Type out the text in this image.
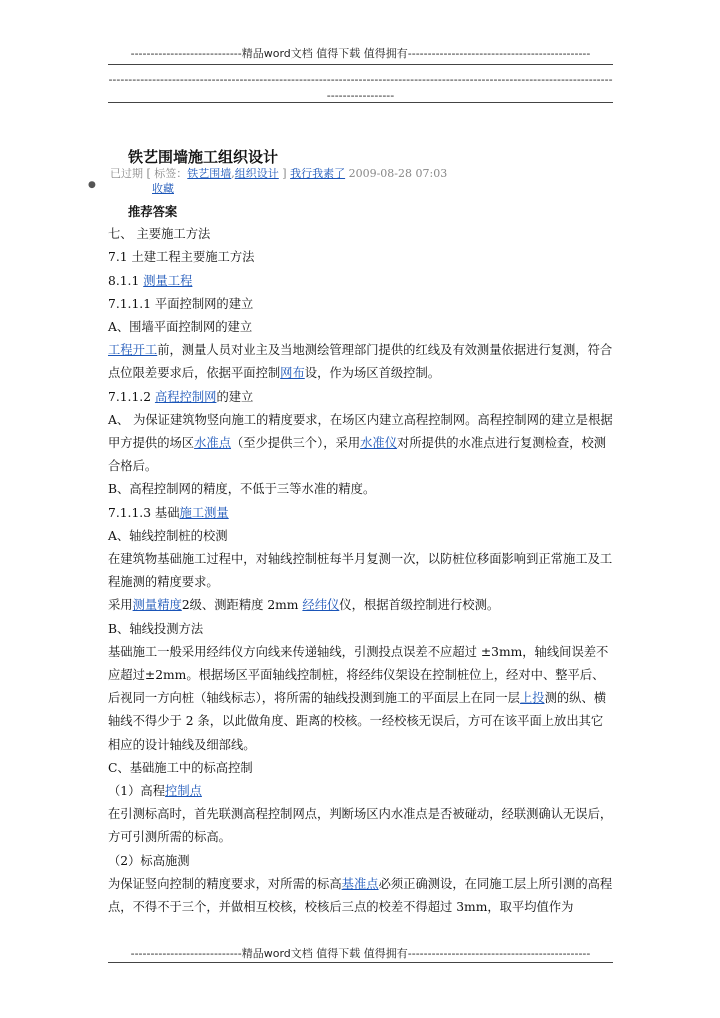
----------------------------精品word文档 值得下载 值得拥有----------------------------------------------
------------------------------------------------------------------------------------------------------------------------------------------------
铁艺围墙施工组织设计
已过期 [ 标签：铁艺围墙,组织设计 ] 我行我素了 2009-08-28 07:03
●	收藏

推荐答案

七、 主要施工方法

7.1 土建工程主要施工方法

8.1.1 测量工程

7.1.1.1 平面控制网的建立

A、围墙平面控制网的建立

工程开工前，测量人员对业主及当地测绘管理部门提供的红线及有效测量依据进行复测，符合点位限差要求后，依据平面控制网布设，作为场区首级控制。

7.1.1.2 高程控制网的建立

A、 为保证建筑物竖向施工的精度要求，在场区内建立高程控制网。高程控制网的建立是根据甲方提供的场区水准点（至少提供三个），采用水准仪对所提供的水准点进行复测检查，校测合格后。

B、高程控制网的精度，不低于三等水准的精度。

7.1.1.3 基础施工测量

A、轴线控制桩的校测

在建筑物基础施工过程中，对轴线控制桩每半月复测一次，以防桩位移面影响到正常施工及工程施测的精度要求。

采用测量精度2级、测距精度 2mm 经纬仪仪，根据首级控制进行校测。

B、轴线投测方法

基础施工一般采用经纬仪方向线来传递轴线，引测投点误差不应超过 ±3mm，轴线间误差不应超过±2mm。根据场区平面轴线控制桩，将经纬仪架设在控制桩位上，经对中、整平后、后视同一方向桩（轴线标志），将所需的轴线投测到施工的平面层上在同一层上投测的纵、横轴线不得少于 2 条，以此做角度、距离的校核。一经校核无误后，方可在该平面上放出其它相应的设计轴线及细部线。

C、基础施工中的标高控制

（1）高程控制点

在引测标高时，首先联测高程控制网点，判断场区内水准点是否被碰动，经联测确认无误后，方可引测所需的标高。

（2）标高施测

为保证竖向控制的精度要求，对所需的标高基准点必须正确测设，在同施工层上所引测的高程点，不得不于三个，并做相互校核，校核后三点的校差不得超过 3mm，取平均值作为

----------------------------精品word文档 值得下载 值得拥有----------------------------------------------
